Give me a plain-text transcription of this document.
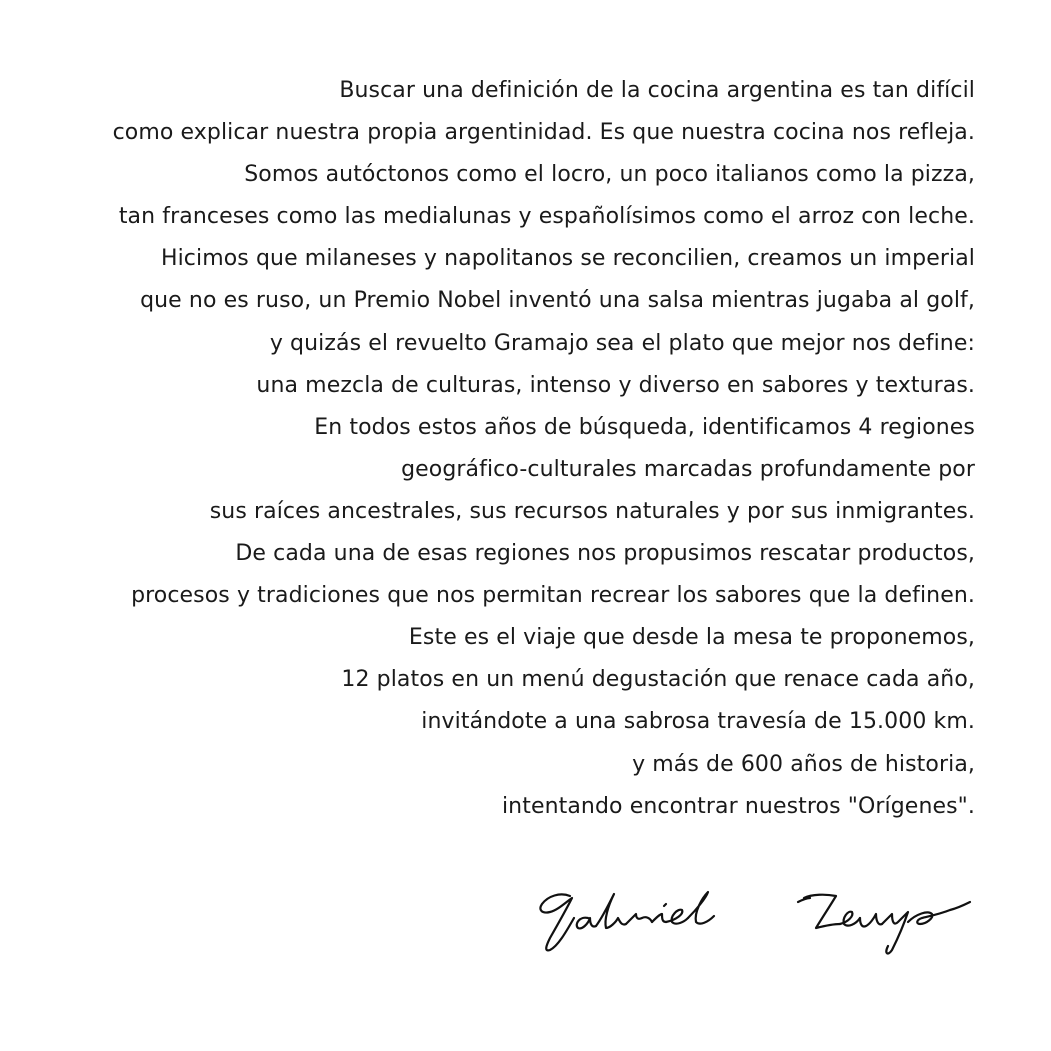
Buscar una definición de la cocina argentina es tan difícil
como explicar nuestra propia argentinidad. Es que nuestra cocina nos refleja.
Somos autóctonos como el locro, un poco italianos como la pizza,
tan franceses como las medialunas y españolísimos como el arroz con leche.
Hicimos que milaneses y napolitanos se reconcilien, creamos un imperial
que no es ruso, un Premio Nobel inventó una salsa mientras jugaba al golf,
y quizás el revuelto Gramajo sea el plato que mejor nos define:
una mezcla de culturas, intenso y diverso en sabores y texturas.
En todos estos años de búsqueda, identificamos 4 regiones
geográfico-culturales marcadas profundamente por
sus raíces ancestrales, sus recursos naturales y por sus inmigrantes.
De cada una de esas regiones nos propusimos rescatar productos,
procesos y tradiciones que nos permitan recrear los sabores que la definen.
Este es el viaje que desde la mesa te proponemos,
12 platos en un menú degustación que renace cada año,
invitándote a una sabrosa travesía de 15.000 km.
y más de 600 años de historia,
intentando encontrar nuestros "Orígenes".
